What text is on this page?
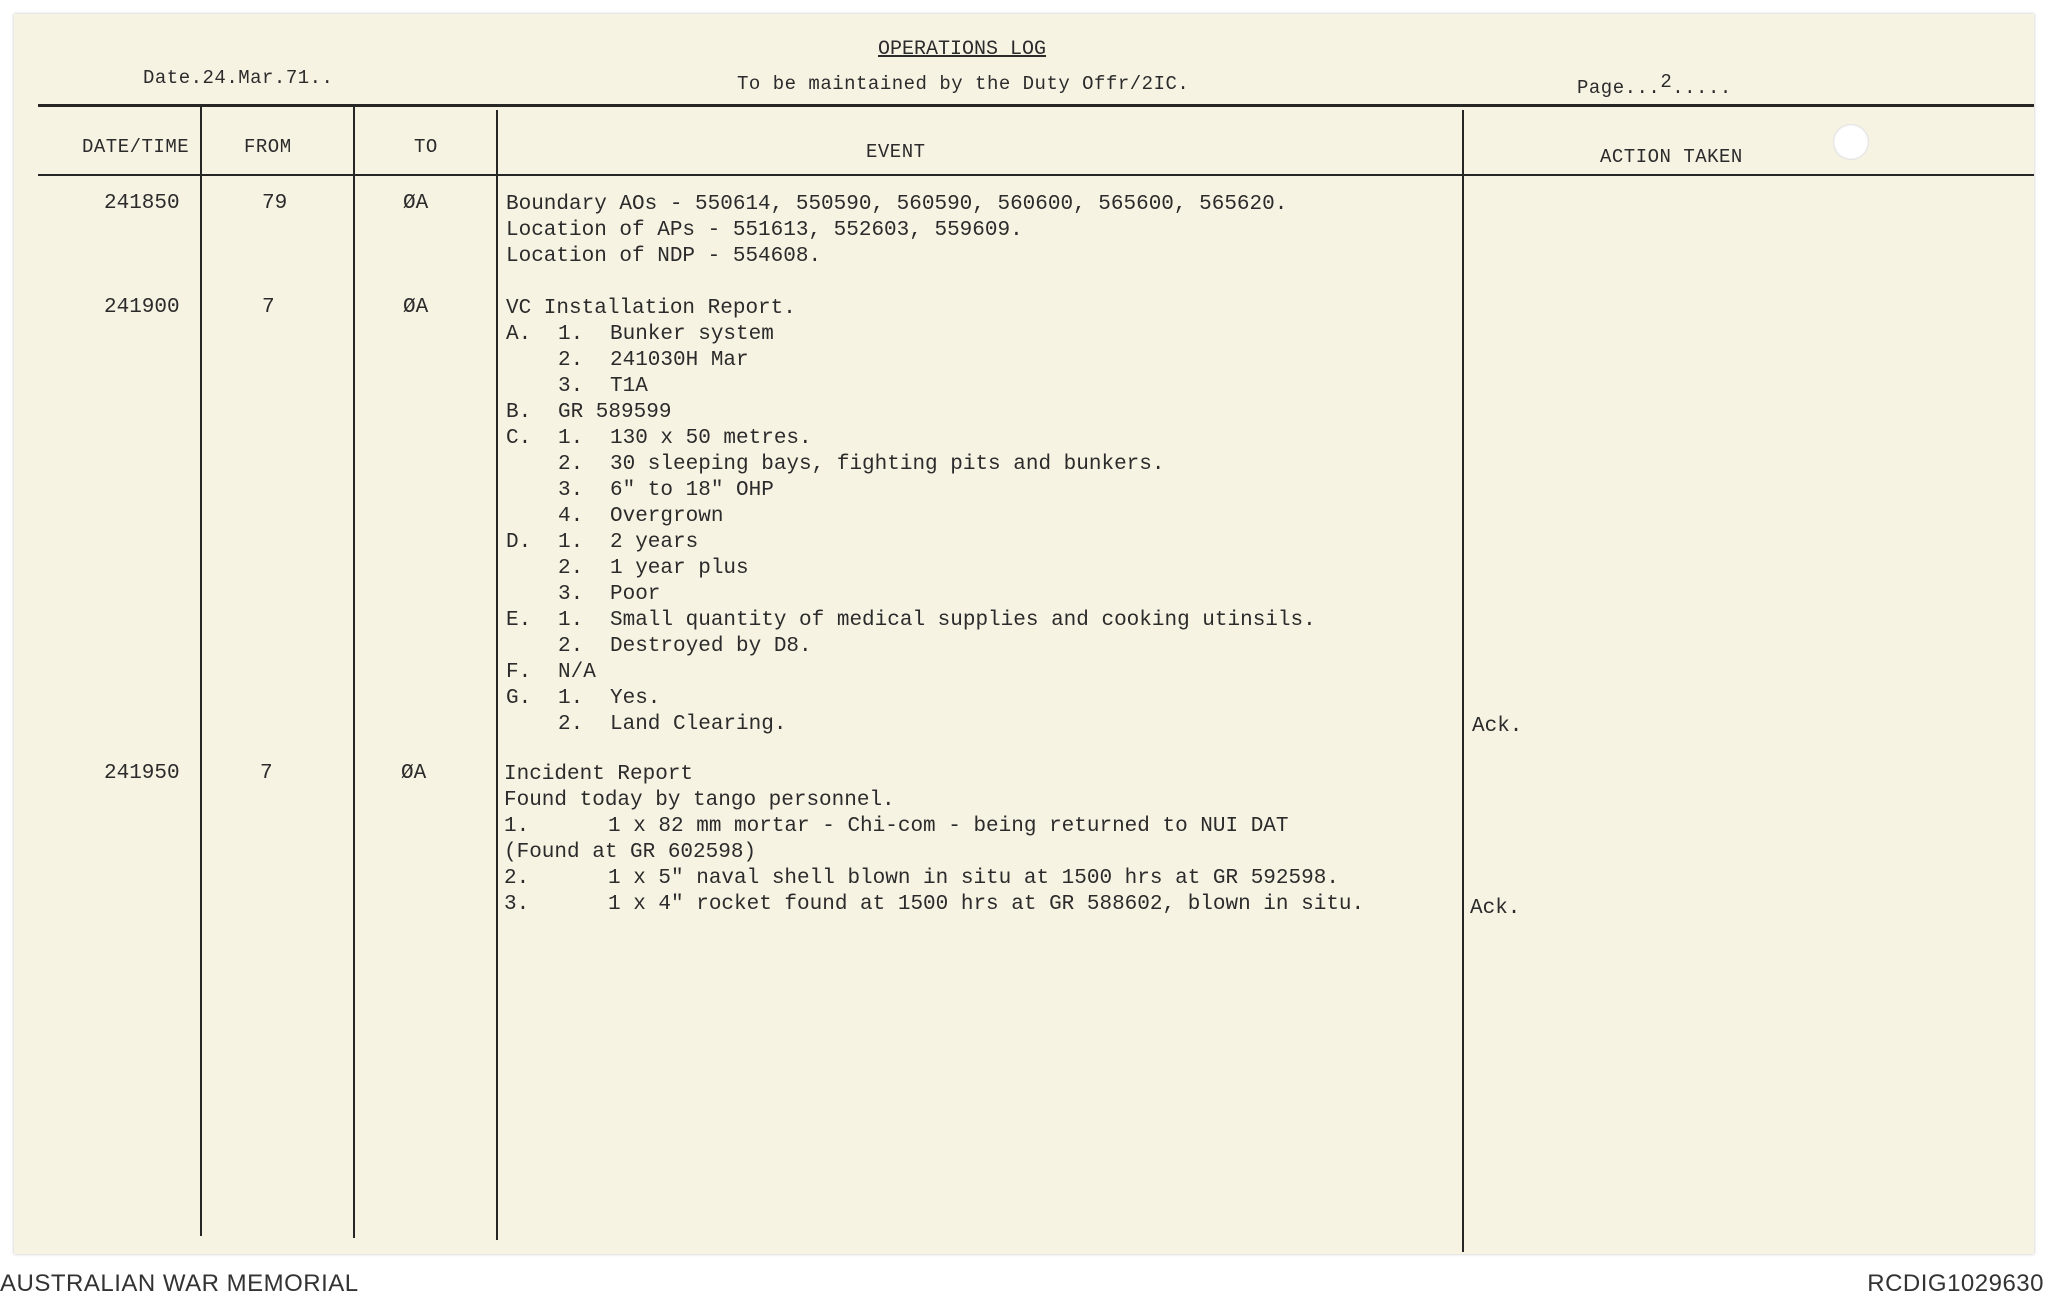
OPERATIONS LOG
To be maintained by the Duty Offr/2IC.
Date.24.Mar.71..	Page...2.....
DATE/TIME	FROM	TO	EVENT	ACTION TAKEN
241850	79	ØA	Boundary AOs - 550614, 550590, 560590, 560600, 565600, 565620.
Location of APs - 551613, 552603, 559609.
Location of NDP - 554608.
241900	7	ØA	VC Installation Report.
A. 1. Bunker system
2. 241030H Mar
3. T1A
B. GR 589599
C. 1. 130 x 50 metres.
2. 30 sleeping bays, fighting pits and bunkers.
3. 6" to 18" OHP
4. Overgrown
D. 1. 2 years
2. 1 year plus
3. Poor
E. 1. Small quantity of medical supplies and cooking utinsils.
2. Destroyed by D8.
F. N/A
G. 1. Yes.
2. Land Clearing.	Ack.
241950	7	ØA	Incident Report
Found today by tango personnel.
1.	1 x 82 mm mortar - Chi-com - being returned to NUI DAT
(Found at GR 602598)
2.	1 x 5" naval shell blown in situ at 1500 hrs at GR 592598.
3.	1 x 4" rocket found at 1500 hrs at GR 588602, blown in situ.	Ack.
AUSTRALIAN WAR MEMORIAL	RCDIG1029630
